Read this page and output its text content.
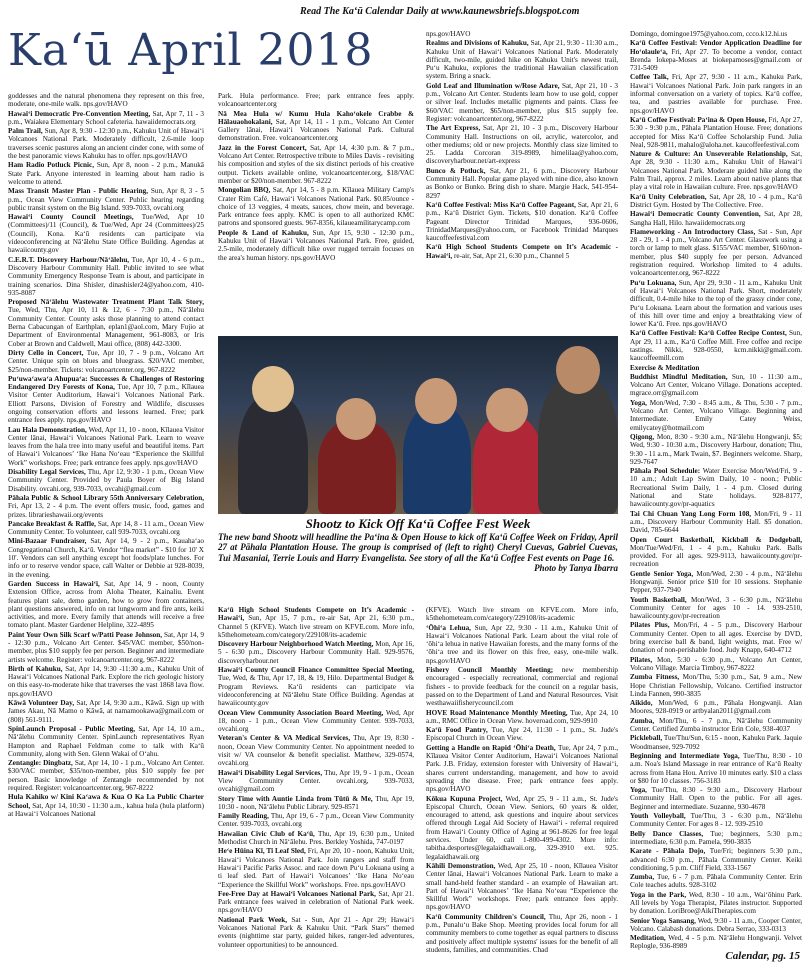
Read The Ka‘ū Calendar Daily at www.kaunewsbriefs.blogspot.com
Ka‘ū April 2018

goddesses and the natural phenomena they represent on this free, moderate, one-mile walk. nps.gov/HAVO

Hawai‘i Democratic Pre-Convention Meeting, Sat, Apr 7, 11 - 3 p.m., Waiakea Elementary School cafeteria. hawaiidemocrats.org

Palm Trail, Sun, Apr 8, 9:30 - 12:30 p.m., Kahuku Unit of Hawai‘i Volcanoes National Park. Moderately difficult, 2.6-mile loop traverses scenic pastures along an ancient cinder cone, with some of the best panoramic views Kahuku has to offer. nps.gov/HAVO

Ham Radio Potluck Picnic, Sun, Apr 8, noon - 2 p.m., Manukā State Park. Anyone interested in learning about ham radio is welcome to attend.

Mass Transit Master Plan - Public Hearing, Sun, Apr 8, 3 - 5 p.m., Ocean View Community Center. Public hearing regarding public transit system on the Big Island. 939-7033, ovcahi.org

Hawai‘i County Council Meetings, Tue/Wed, Apr 10 (Committees)/11 (Council), & Tue/Wed, Apr 24 (Committees)/25 (Council), Kona. Ka‘ū residents can participate via videoconferencing at Nā‘ālehu State Office Building. Agendas at hawaiicounty.gov

C.E.R.T. Discovery Harbour/Nā‘ālehu, Tue, Apr 10, 4 - 6 p.m., Discovery Harbour Community Hall. Public invited to see what Community Emergency Response Team is about, and participate in training scenarios. Dina Shisler, dinashisler24@yahoo.com, 410-935-8087

Proposed Nā‘ālehu Wastewater Treatment Plant Talk Story, Tue, Wed, Thu, Apr 10, 11 & 12, 6 - 7:30 p.m., Nā‘ālehu Community Center. County asks those planning to attend contact Berna Cabacungan of Earthplan, eplan1@aol.com, Mary Fujio at Department of Environmental Management, 961-8083, or Iris Cober at Brown and Caldwell, Maui office, (808) 442-3300.

Dirty Cello in Concert, Tue, Apr 10, 7 - 9 p.m., Volcano Art Center. Unique spin on blues and bluegrass. $20/VAC member, $25/non-member. Tickets: volcanoartcenter.org, 967-8222

Pu‘uwa‘awa‘a Ahupua‘a: Successes & Challenges of Restoring Endangered Dry Forests of Kona, Tue, Apr 10, 7 p.m., Kīlauea Visitor Center Auditorium, Hawai‘i Volcanoes National Park. Elliott Parsons, Division of Forestry and Wildlife, discusses ongoing conservation efforts and lessons learned. Free; park entrance fees apply. nps.gov/HAVO

Lau Hala Demonstration, Wed, Apr 11, 10 - noon, Kīlauea Visitor Center lānai, Hawai‘i Volcanoes National Park. Learn to weave leaves from the hala tree into many useful and beautiful items. Part of Hawai‘i Volcanoes’ ‘Ike Hana No‘eau “Experience the Skillful Work” workshops. Free; park entrance fees apply. nps.gov/HAVO

Disability Legal Services, Thu, Apr 12, 9:30 - 1 p.m., Ocean View Community Center. Provided by Paula Boyer of Big Island Disability. ovcahi.org, 939-7033, ovcahi@gmail.com

Pāhala Public & School Library 55th Anniversary Celebration, Fri, Apr 13, 2 - 4 p.m. The event offers music, food, games and prizes. librarieshawaii.org/events

Pancake Breakfast & Raffle, Sat, Apr 14, 8 - 11 a.m., Ocean View Community Center. To volunteer, call 939-7033, ovcahi.org

Mini-Bazaar Fundraiser, Sat, Apr 14, 9 - 2 p.m., Kauaha‘ao Congregational Church, Ka‘ū. Vendor “flea market” - $10 for 10' X 10'. Vendors can sell anything except hot foods/plate lunches. For info or to reserve vendor space, call Walter or Debbie at 928-8039, in the evening.

Garden Success in Hawai‘i, Sat, Apr 14, 9 - noon, County Extension Office, across from Aloha Theater, Kainaliu. Event features plant sale, demo garden, how to grow from containers, plant questions answered, info on rat lungworm and fire ants, keiki activities, and more. Every family that attends will receive a free tomato plant. Master Gardener Helpline, 322-4895

Paint Your Own Silk Scarf w/Patti Pease Johnson, Sat, Apr 14, 9 - 12:30 p.m., Volcano Art Center. $45/VAC member, $50/non-member, plus $10 supply fee per person. Beginner and intermediate artists welcome. Register: volcanoartcenter.org, 967-8222

Birth of Kahuku, Sat, Apr 14, 9:30 -11:30 a.m., Kahuku Unit of Hawai‘i Volcanoes National Park. Explore the rich geologic history on this easy-to-moderate hike that traverses the vast 1868 lava flow. nps.gov/HAVO

Kāwā Volunteer Day, Sat, Apr 14, 9:30 a.m., Kāwā. Sign up with James Akau, Nā Mamo o Kāwā, at namamookawa@gmail.com or (808) 561-9111.

SpinLaunch Proposal - Public Meeting, Sat, Apr 14, 10 a.m., Nā‘ālehu Community Center. SpinLaunch representatives Ryan Hampton and Raphael Feldman come to talk with Ka‘ū Community, along with Sen. Glenn Wakai of O‘ahu.

Zentangle: Dingbatz, Sat, Apr 14, 10 - 1 p.m., Volcano Art Center. $30/VAC member, $35/non-member, plus $10 supply fee per person. Basic knowledge of Zentangle recommended by not required. Register: volcanoartcenter.org, 967-8222

Hula Kahiko w/ Kini Ka‘awa & Kua O Ka La Public Charter School, Sat, Apr 14, 10:30 - 11:30 a.m., kahua hula (hula platform) at Hawai‘i Volcanoes National

Park. Hula performance. Free; park entrance fees apply. volcanoartcenter.org

Nā Mea Hula w/ Kumu Hula Kaho‘okele Crabbe & Hālauaohokalani, Sat, Apr 14, 11 - 1 p.m., Volcano Art Center Gallery lānai, Hawai‘i Volcanoes National Park. Cultural demonstration. Free. volcanoartcenter.org

Jazz in the Forest Concert, Sat, Apr 14, 4:30 p.m. & 7 p.m., Volcano Art Center. Retrospective tribute to Miles Davis - revisiting his composition and styles of the six distinct periods of his creative output. Tickets available online, volcanoartcenter.org, $18/VAC member or $20/non-member. 967-8222

Mongolian BBQ, Sat, Apr 14, 5 - 8 p.m. Kīlauea Military Camp's Crater Rim Café, Hawai‘i Volcanoes National Park. $0.85/ounce - choice of 13 veggies, 4 meats, sauces, chow mein, and beverage. Park entrance fees apply. KMC is open to all authorized KMC patrons and sponsored guests. 967-8356, kilaueamilitarycamp.com

People & Land of Kahuku, Sun, Apr 15, 9:30 - 12:30 p.m., Kahuku Unit of Hawai‘i Volcanoes National Park. Free, guided, 2.5-mile, moderately difficult hike over rugged terrain focuses on the area's human history. nps.gov/HAVO

nps.gov/HAVO

Realms and Divisions of Kahuku, Sat, Apr 21, 9:30 - 11:30 a.m., Kahuku Unit of Hawai‘i Volcanoes National Park. Moderately difficult, two-mile, guided hike on Kahuku Unit's newest trail, Pu‘u Kahuku, explores the traditional Hawaiian classification system. Bring a snack.

Gold Leaf and Illumination w/Rose Adare, Sat, Apr 21, 10 - 3 p.m., Volcano Art Center. Students learn how to use gold, copper or silver leaf. Includes metallic pigments and paints. Class fee $60/VAC member, $65/non-member, plus $15 supply fee. Register: volcanoartcenter.org, 967-8222

The Art Express, Sat, Apr 21, 10 - 3 p.m., Discovery Harbour Community Hall. Instructions on oil, acrylic, watercolor, and other mediums; old or new projects. Monthly class size limited to 25. Ladda Corcoran 319-8989, himelilaa@yahoo.com, discoveryharbour.net/art-express

Bunco & Potluck, Sat, Apr 21, 6 p.m., Discovery Harbour Community Hall. Popular game played with nine dice, also known as Bonko or Bunko. Bring dish to share. Margie Hack, 541-954-8297

Ka‘ū Coffee Festival: Miss Ka‘ū Coffee Pageant, Sat, Apr 21, 6 p.m., Ka‘ū District Gym. Tickets, $10 donation. Ka‘ū Coffee Pageant Director Trinidad Marques, 936-0606, TrinidadMarques@yahoo.com, or Facebook Trinidad Marques kaucoffeefestival.com

Ka‘ū High School Students Compete on It’s Academic - Hawai‘i, re-air, Sat, Apr 21, 6:30 p.m., Channel 5

Domingo, domingoe1975@yahoo.com, ccco.k12.hi.us

Ka‘ū Coffee Festival: Vendor Application Deadline for Ho‘olaule‘a, Fri, Apr 27. To become a vendor, contact Brenda Iokepa-Moses at biokepamoses@gmail.com or 731-5409

Coffee Talk, Fri, Apr 27, 9:30 - 11 a.m., Kahuku Park, Hawai‘i Volcanoes National Park. Join park rangers in an informal conversation on a variety of topics. Ka‘ū coffee, tea, and pastries available for purchase. Free. nps.gov/HAVO

Ka‘ū Coffee Festival: Pa‘ina & Open House, Fri, Apr 27, 5:30 - 9:30 p.m., Pāhala Plantation House. Free; donations accepted for Miss Ka‘ū Coffee Scholarship Fund. Julia Neal, 928-9811, mahalo@aloha.net. kaucoffeefestival.com

Nature & Culture: An Unseverable Relationship, Sat, Apr 28, 9:30 - 11:30 a.m., Kahuku Unit of Hawai‘i Volcanoes National Park. Moderate guided hike along the Palm Trail, approx. 2 miles. Learn about native plants that play a vital role in Hawaiian culture. Free. nps.gov/HAVO

Ka‘ū Unity Celebration, Sat, Apr 28, 10 - 4 p.m., Ka‘ū District Gym. Hosted by The Collective. Free.

Hawai‘i Democratic County Convention, Sat, Apr 28, Sangha Hall, Hilo. hawaiidemocrats.org

Flameworking - An Introductory Class, Sat - Sun, Apr 28 - 29, 1 - 4 p.m., Volcano Art Center. Glasswork using a torch or lamp to melt glass. $155/VAC member, $160/non-member, plus $40 supply fee per person. Advanced registration required. Workshop limited to 4 adults. volcanoartcenter.org, 967-8222

Pu‘u Lokuana, Sun, Apr 29, 9:30 - 11 a.m., Kahuku Unit of Hawai‘i Volcanoes National Park. Short, moderately difficult, 0.4-mile hike to the top of the grassy cinder cone, Pu‘u Lokuana. Learn about the formation and various uses of this hill over time and enjoy a breathtaking view of lower Ka‘ū. Free. nps.gov/HAVO

Ka‘ū Coffee Festival: Ka‘ū Coffee Recipe Contest, Sun, Apr 29, 11 a.m., Ka‘ū Coffee Mill. Free coffee and recipe tastings. Nikki, 928-0550, kcm.nikki@gmail.com. kaucoffeemill.com

Exercise & Meditation

Buddhist Mindful Meditation, Sun, 10 - 11:30 a.m., Volcano Art Center, Volcano Village. Donations accepted. mgrace.orr@gmail.com

Yoga, Mon/Wed, 7:30 - 8:45 a.m., & Thu, 5:30 - 7 p.m., Volcano Art Center, Volcano Village. Beginning and Intermediate. Emily Catey Weiss, emilycatey@hotmail.com

Qigong, Mon, 8:30 - 9:30 a.m., Nā‘ālehu Hongwanji, $5; Wed, 9:30 - 10:30 a.m., Discovery Harbour, donation; Thu, 9:30 - 11 a.m., Mark Twain, $7. Beginners welcome. Sharp, 929-7647

Pāhala Pool Schedule: Water Exercise Mon/Wed/Fri, 9 - 10 a.m.; Adult Lap Swim Daily, 10 - noon.; Public Recreational Swim Daily, 1 - 4 p.m. Closed during National and State holidays. 928-8177, hawaiicounty.gov/pr-aquatics

Tai Chi Chuan Yang Long Form 108, Mon/Fri, 9 - 11 a.m., Discovery Harbour Community Hall. $5 donation. David, 785-6644

Open Court Basketball, Kickball & Dodgeball, Mon/Tue/Wed/Fri, 1 - 4 p.m., Kahuku Park. Balls provided. For all ages. 929-9113, hawaiicounty.gov/pr-recreation

Gentle Senior Yoga, Mon/Wed, 2:30 - 4 p.m., Nā‘ālehu Hongwanji. Senior price $10 for 10 sessions. Stephanie Pepper, 937-7940

Youth Basketball, Mon/Wed, 3 - 6:30 p.m., Nā‘ālehu Community Center for ages 10 - 14. 939-2510, hawaiicounty.gov/pr-recreation

Pilates Plus, Mon/Fri, 4 - 5 p.m., Discovery Harbour Community Center. Open to all ages. Exercise by DVD, bring exercise ball & band, light weights, mat. Free w/ donation of non-perishable food. Judy Knapp, 640-4712

Pilates, Mon, 5:30 - 6:30 p.m., Volcano Art Center, Volcano Village. Marcia Timboy, 967-8222

Zumba Fitness, Mon/Thu, 5:30 p.m., Sat, 9 a.m., New Hope Christian Fellowship, Volcano. Certified instructor Linda Fannen, 990-3835

Aikido, Mon/Wed, 6 p.m., Pāhala Hongwanji. Alan Moores, 928-0919 or artbyalan2011@gmail.com

Zumba, Mon/Thu, 6 - 7 p.m., Nā‘ālehu Community Center. Certified Zumba instructor Erin Cole, 938-4037

Pickleball, Tue/Thu/Sun, 6:15 - noon, Kahuku Park. Jaquie Woodmansee, 929-7092

Beginning and Intermediate Yoga, Tue/Thu, 8:30 - 10 a.m. Noa's Island Massage in rear entrance of Ka‘ū Realty across from Hana Hou. Arrive 10 minutes early. $10 a class or $80 for 10 classes. 756-3183

Yoga, Tue/Thu, 8:30 - 9:30 a.m., Discovery Harbour Community Hall. Open to the public. For all ages. Beginner and intermediate. Suzanne, 930-4678

Youth Volleyball, Tue/Thu, 3 - 6:30 p.m., Nā‘ālehu Community Center. For ages 8 - 12. 939-2510

Belly Dance Classes, Tue; beginners, 5:30 p.m.; intermediate, 6:30 p.m. Pamela, 990-3835

Karate - Pāhala Dojo, Tue/Fri; beginners 5:30 p.m., advanced 6:30 p.m., Pāhala Community Center. Keiki conditioning, 5 p.m. Cliff Field, 333-1567

Zumba, Tue, 6 - 7 p.m. Pāhala Community Center. Erin Cole teaches adults. 928-3102

Yoga in the Park, Wed, 8:30 - 10 a.m., Wai‘ōhinu Park. All levels by Yoga Therapist, Pilates instructor. Supported by donation. LoriBroe@AikiTherapies.com

Senior Yoga Sansang, Wed, 9:30 - 11 a.m., Cooper Center, Volcano. Calabash donations. Debra Serrao, 333-0313

Meditation, Wed, 4 - 5 p.m. Nā‘ālehu Hongwanji. Velvet Replogle, 936-8989

Shootz to Kick Off Ka‘ū Coffee Fest Week
The new band Shootz will headline the Pa‘ina & Open House to kick off Ka‘ū Coffee Week on Friday, April 27 at Pāhala Plantation House. The group is comprised of (left to right) Cheryl Cuevas, Gabriel Cuevas, Tui Masaniai, Terrie Louis and Harry Evangelista. See story of all the Ka‘ū Coffee Fest events on Page 16.
Photo by Tanya Ibarra

Ka‘ū High School Students Compete on It’s Academic - Hawai‘i, Sun, Apr 15, 7 p.m., re-air Sat, Apr 21, 6:30 p.m., Channel 5 (KFVE). Watch live stream on KFVE.com. More info, k5thehometeam.com/category/229108/its-academic

Discovery Harbour Neighborhood Watch Meeting, Mon, Apr 16, 5 - 6:30 p.m., Discovery Harbour Community Hall. 929-9576, discoveryharbour.net

Hawai‘i County Council Finance Committee Special Meeting, Tue, Wed, & Thu, Apr 17, 18, & 19, Hilo. Departmental Budget & Program Reviews. Ka‘ū residents can participate via videoconferencing at Nā‘ālehu State Office Building. Agendas at hawaiicounty.gov

Ocean View Community Association Board Meeting, Wed, Apr 18, noon - 1 p.m., Ocean View Community Center. 939-7033, ovcahi.org

Veteran's Center & VA Medical Services, Thu, Apr 19, 8:30 - noon, Ocean View Community Center. No appointment needed to visit w/ VA counselor & benefit specialist. Matthew, 329-0574, ovcahi.org

Hawai‘i Disability Legal Services, Thu, Apr 19, 9 - 1 p.m., Ocean View Community Center. ovcahi.org, 939-7033, ovcahi@gmail.com

Story Time with Auntie Linda from Tūtū & Me, Thu, Apr 19, 10:30 - noon, Nā‘ālehu Public Library. 929-8571

Family Reading, Thu, Apr 19, 6 - 7 p.m., Ocean View Community Center. 939-7033, ovcahi.org

Hawaiian Civic Club of Ka‘ū, Thu, Apr 19, 6:30 p.m., United Methodist Church in Nā‘ālehu. Pres. Berkley Yoshida, 747-0197

He‘e Hūina Kī, Ti Leaf Sled, Fri, Apr 20, 10 - noon, Kahuku Unit, Hawai‘i Volcanoes National Park. Join rangers and staff from Hawai‘i Pacific Parks Assoc. and race down Pu‘u Lokuana using a ti leaf sled. Part of Hawai‘i Volcanoes’ ‘Ike Hana No‘eau “Experience the Skillful Work” workshops. Free. nps.gov/HAVO

Fee-Free Day at Hawai‘i Volcanoes National Park, Sat, Apr 21. Park entrance fees waived in celebration of National Park week. nps.gov/HAVO

National Park Week, Sat - Sun, Apr 21 - Apr 29; Hawai‘i Volcanoes National Park & Kahuku Unit. “Park Stars” themed events (nighttime star party, guided hikes, ranger-led adventures, volunteer opportunities) to be announced.

(KFVE). Watch live stream on KFVE.com. More info, k5thehometeam.com/category/229108/its-academic

‘Ōhi‘a Lehua, Sun, Apr 22, 9:30 - 11 a.m., Kahuku Unit of Hawai‘i Volcanoes National Park. Learn about the vital role of ‘ōhi‘a lehua in native Hawaiian forests, and the many forms of the ‘ōhi‘a tree and its flower on this free, easy, one-mile walk. nps.gov/HAVO

Fishery Council Monthly Meeting; new membership encouraged - especially recreational, commercial and regional fishers - to provide feedback for the council on a regular basis, passed on to the Department of Land and Natural Resources. Visit westhawaiifisherycouncil.com

HOVE Road Maintenance Monthly Meeting, Tue, Apr 24, 10 a.m., RMC Office in Ocean View. hoveroad.com, 929-9910

Ka‘ū Food Pantry, Tue, Apr 24, 11:30 - 1 p.m., St. Jude's Episcopal Church in Ocean View.

Getting a Handle on Rapid ‘Ōhi‘a Death, Tue, Apr 24, 7 p.m., Kīlauea Visitor Center Auditorium, Hawai‘i Volcanoes National Park. J.B. Friday, extension forester with University of Hawai‘i, shares current understanding, management, and how to avoid spreading the disease. Free; park entrance fees apply. nps.gov/HAVO

Kōkua Kupuna Project, Wed, Apr 25, 9 - 11 a.m., St. Jude's Episcopal Church, Ocean View. Seniors, 60 years & older, encouraged to attend, ask questions and inquire about services offered through Legal Aid Society of Hawai‘i - referral required from Hawai‘i County Office of Aging at 961-8626 for free legal services. Under 60, call 1-800-499-4302. More info: tabitha.desportes@legalaidhawaii.org, 329-3910 ext. 925. legalaidhawaii.org

Kāhili Demonstration, Wed, Apr 25, 10 - noon, Kīlauea Visitor Center lānai, Hawai‘i Volcanoes National Park. Learn to make a small hand-held feather standard - an example of Hawaiian art. Part of Hawai‘i Volcanoes’ ‘Ike Hana No‘eau “Experience the Skillful Work” workshops. Free; park entrance fees apply. nps.gov/HAVO

Ka‘ū Community Children's Council, Thu, Apr 26, noon - 1 p.m., Punalu‘u Bake Shop. Meeting provides local forum for all community members to come together as equal partners to discuss and positively affect multiple systems' issues for the benefit of all students, families, and communities. Chad

Calendar, pg. 15
